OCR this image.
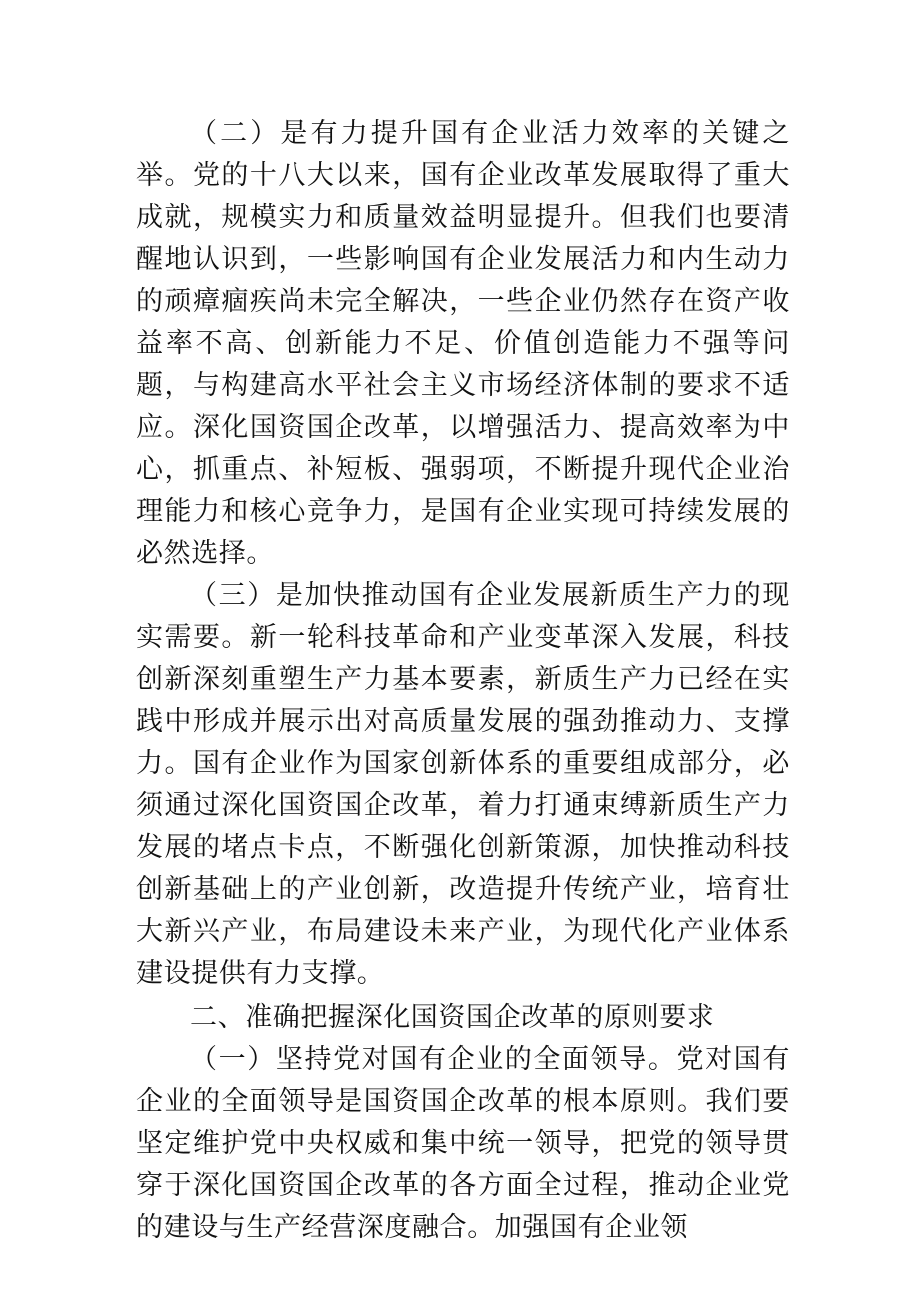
（二）是有力提升国有企业活力效率的关键之举。党的十八大以来，国有企业改革发展取得了重大成就，规模实力和质量效益明显提升。但我们也要清醒地认识到，一些影响国有企业发展活力和内生动力的顽瘴痼疾尚未完全解决，一些企业仍然存在资产收益率不高、创新能力不足、价值创造能力不强等问题，与构建高水平社会主义市场经济体制的要求不适应。深化国资国企改革，以增强活力、提高效率为中心，抓重点、补短板、强弱项，不断提升现代企业治理能力和核心竞争力，是国有企业实现可持续发展的必然选择。

（三）是加快推动国有企业发展新质生产力的现实需要。新一轮科技革命和产业变革深入发展，科技创新深刻重塑生产力基本要素，新质生产力已经在实践中形成并展示出对高质量发展的强劲推动力、支撑力。国有企业作为国家创新体系的重要组成部分，必须通过深化国资国企改革，着力打通束缚新质生产力发展的堵点卡点，不断强化创新策源，加快推动科技创新基础上的产业创新，改造提升传统产业，培育壮大新兴产业，布局建设未来产业，为现代化产业体系建设提供有力支撑。

二、准确把握深化国资国企改革的原则要求

（一）坚持党对国有企业的全面领导。党对国有企业的全面领导是国资国企改革的根本原则。我们要坚定维护党中央权威和集中统一领导，把党的领导贯穿于深化国资国企改革的各方面全过程，推动企业党的建设与生产经营深度融合。加强国有企业领
